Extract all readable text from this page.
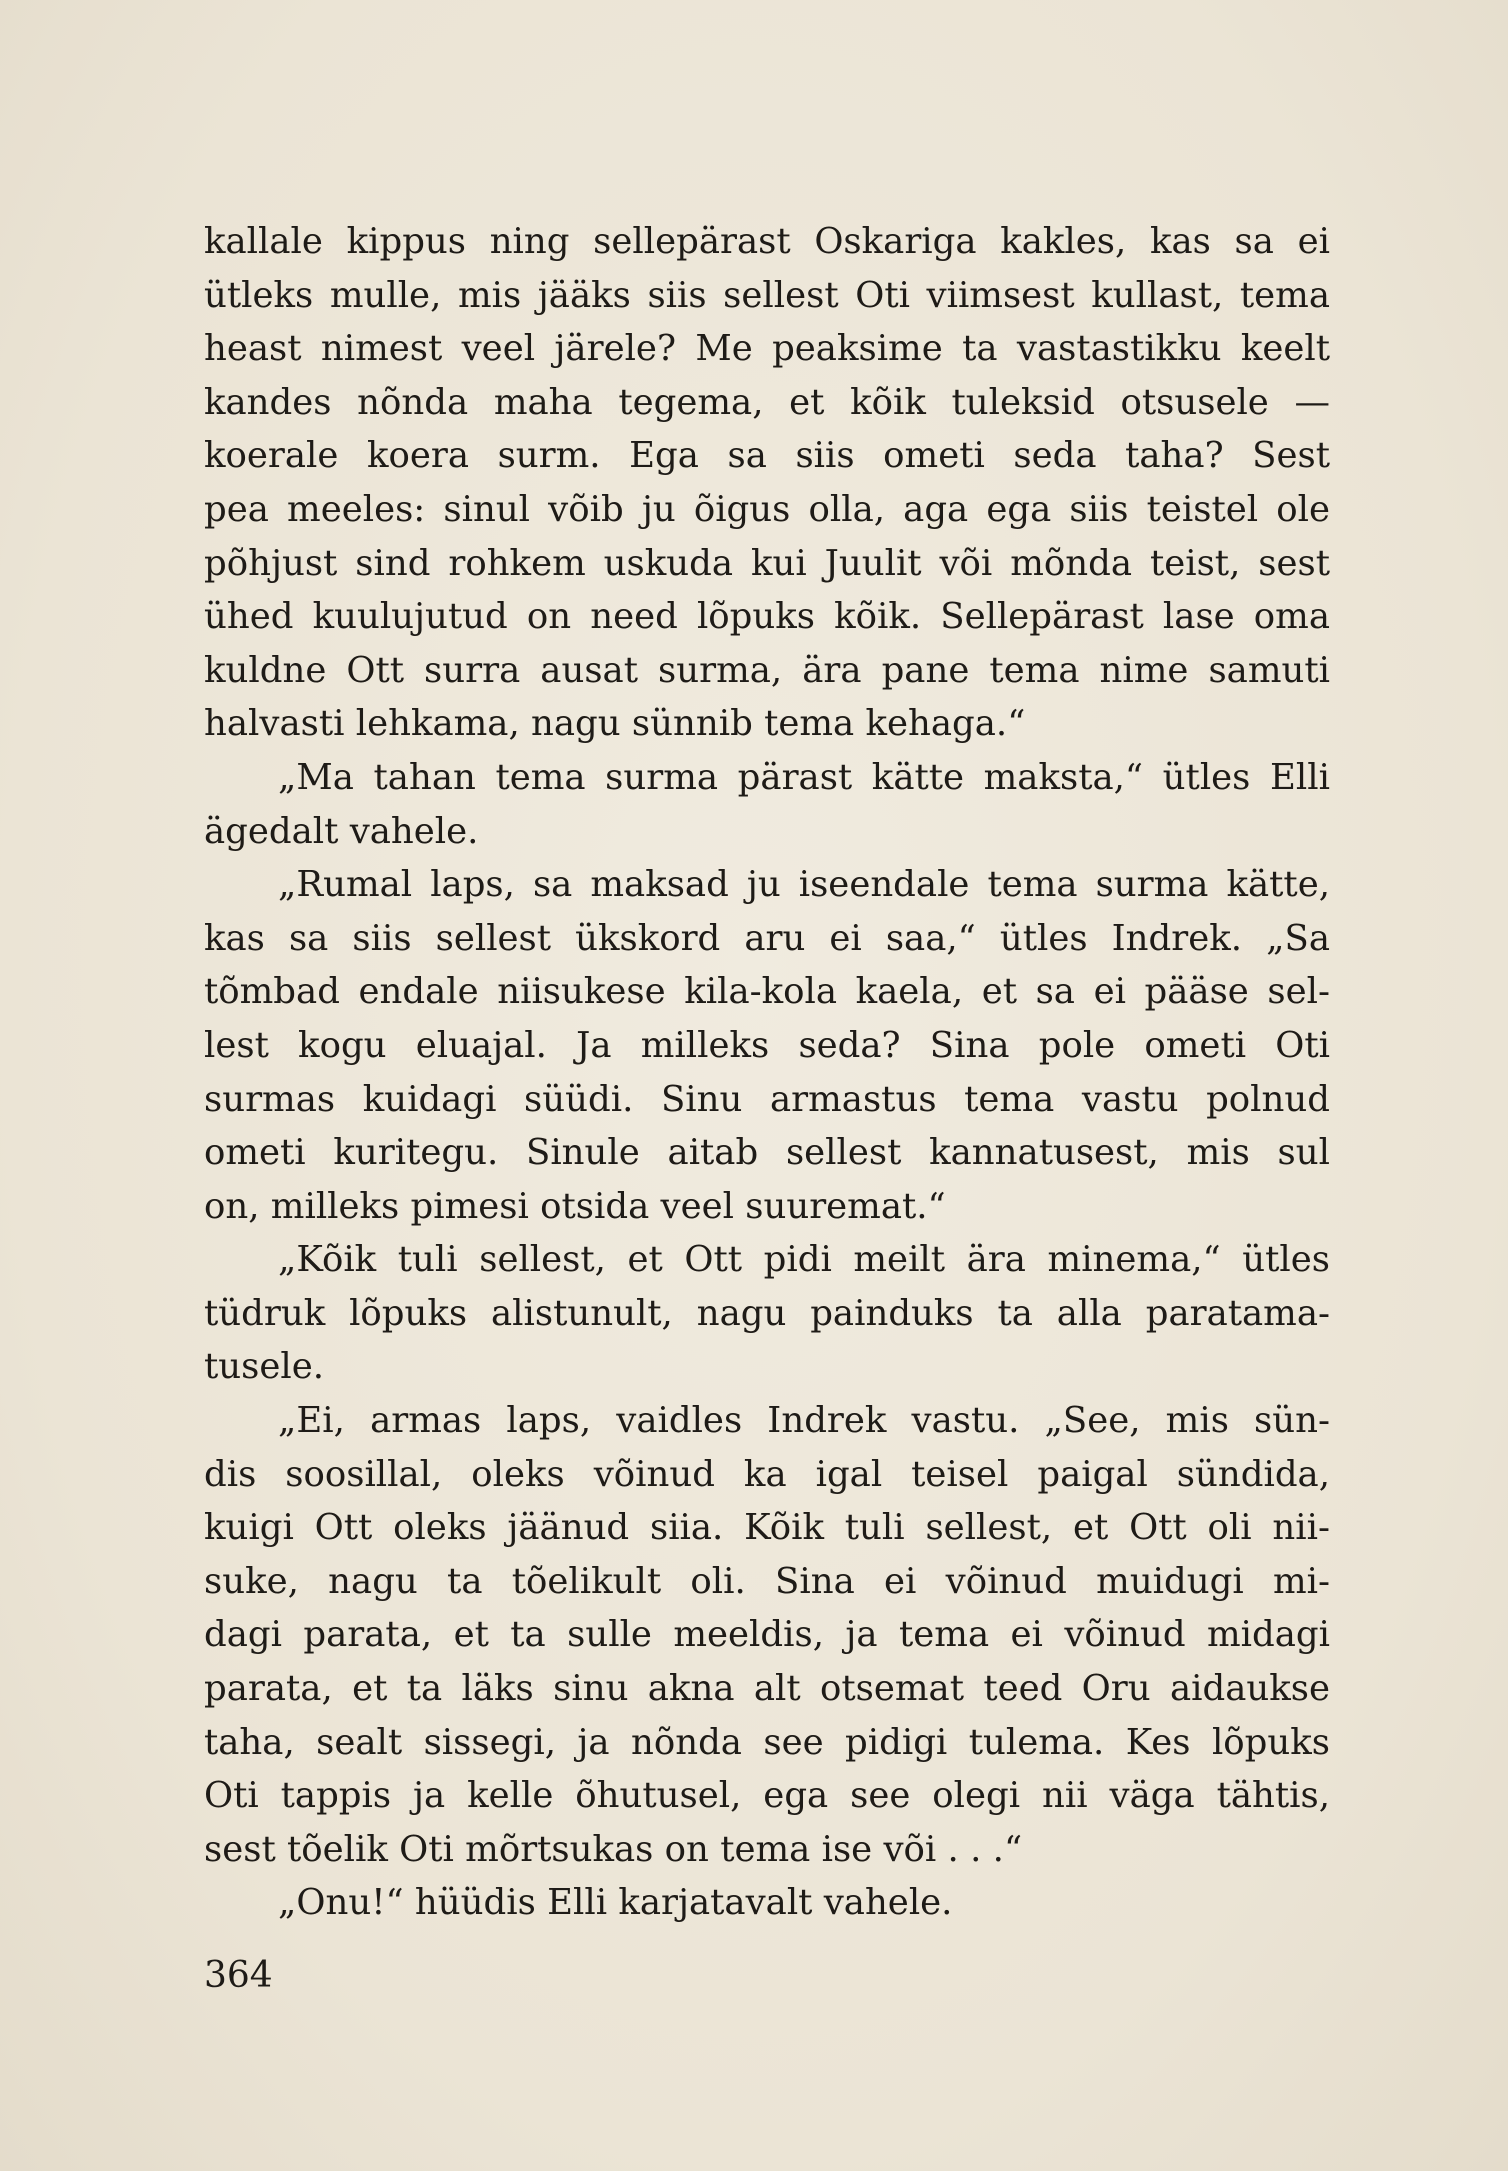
kallale kippus ning sellepärast Oskariga kakles, kas sa ei
ütleks mulle, mis jääks siis sellest Oti viimsest kullast, tema
heast nimest veel järele? Me peaksime ta vastastikku keelt
kandes nõnda maha tegema, et kõik tuleksid otsusele —
koerale koera surm. Ega sa siis ometi seda taha? Sest
pea meeles: sinul võib ju õigus olla, aga ega siis teistel ole
põhjust sind rohkem uskuda kui Juulit või mõnda teist, sest
ühed kuulujutud on need lõpuks kõik. Sellepärast lase oma
kuldne Ott surra ausat surma, ära pane tema nime samuti
halvasti lehkama, nagu sünnib tema kehaga.“
„Ma tahan tema surma pärast kätte maksta,“ ütles Elli
ägedalt vahele.
„Rumal laps, sa maksad ju iseendale tema surma kätte,
kas sa siis sellest ükskord aru ei saa,“ ütles Indrek. „Sa
tõmbad endale niisukese kila-kola kaela, et sa ei pääse sel-
lest kogu eluajal. Ja milleks seda? Sina pole ometi Oti
surmas kuidagi süüdi. Sinu armastus tema vastu polnud
ometi kuritegu. Sinule aitab sellest kannatusest, mis sul
on, milleks pimesi otsida veel suuremat.“
„Kõik tuli sellest, et Ott pidi meilt ära minema,“ ütles
tüdruk lõpuks alistunult, nagu painduks ta alla paratama-
tusele.
„Ei, armas laps, vaidles Indrek vastu. „See, mis sün-
dis soosillal, oleks võinud ka igal teisel paigal sündida,
kuigi Ott oleks jäänud siia. Kõik tuli sellest, et Ott oli nii-
suke, nagu ta tõelikult oli. Sina ei võinud muidugi mi-
dagi parata, et ta sulle meeldis, ja tema ei võinud midagi
parata, et ta läks sinu akna alt otsemat teed Oru aidaukse
taha, sealt sissegi, ja nõnda see pidigi tulema. Kes lõpuks
Oti tappis ja kelle õhutusel, ega see olegi nii väga tähtis,
sest tõelik Oti mõrtsukas on tema ise või . . .“
„Onu!“ hüüdis Elli karjatavalt vahele.
364
